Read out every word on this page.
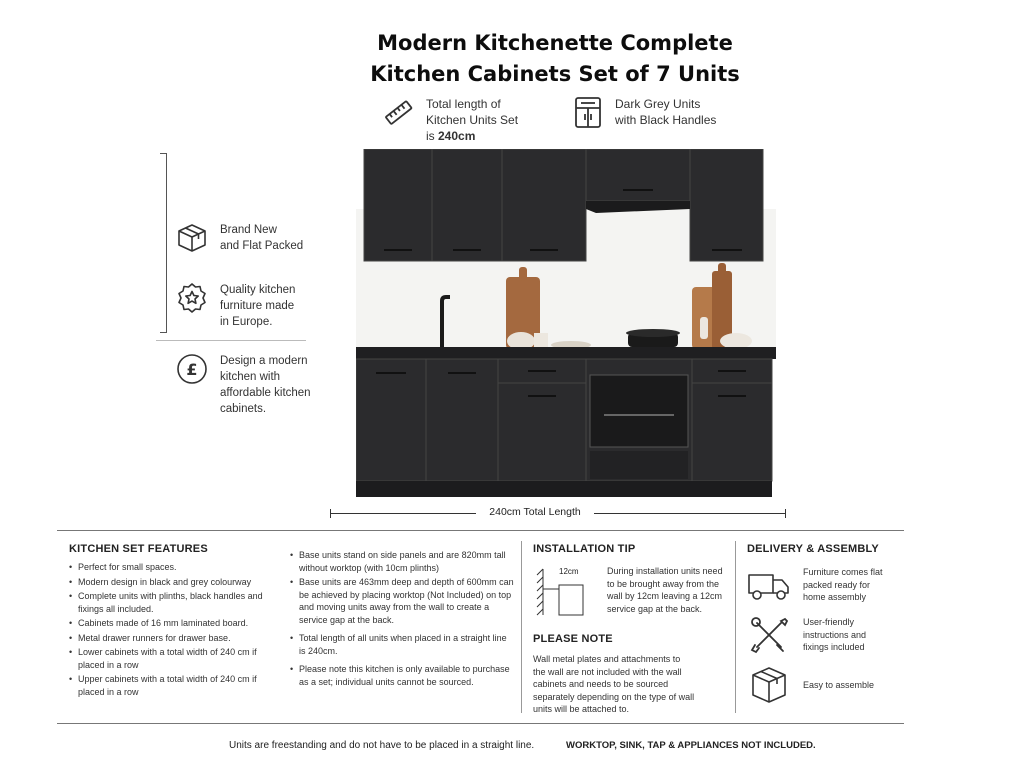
Modern Kitchenette Complete
Kitchen Cabinets Set of 7 Units
Total length of
Kitchen Units Set
is 240cm
Dark Grey Units
with Black Handles
Brand New
and Flat Packed
Quality kitchen
furniture made
in Europe.
£ Design a modern
kitchen with
affordable kitchen
cabinets.
240cm Total Length
KITCHEN SET FEATURES
• Perfect for small spaces.
• Modern design in black and grey colourway
• Complete units with plinths, black handles and fixings all included.
• Cabinets made of 16 mm laminated board.
• Metal drawer runners for drawer base.
• Lower cabinets with a total width of 240 cm if placed in a row
• Upper cabinets with a total width of 240 cm if placed in a row
• Base units stand on side panels and are 820mm tall without worktop (with 10cm plinths)
• Base units are 463mm deep and depth of 600mm can be achieved by placing worktop (Not Included) on top and moving units away from the wall to create a service gap at the back.
• Total length of all units when placed in a straight line is 240cm.
• Please note this kitchen is only available to purchase as a set; individual units cannot be sourced.
INSTALLATION TIP
12cm	During installation units need to be brought away from the wall by 12cm leaving a 12cm service gap at the back.
PLEASE NOTE
Wall metal plates and attachments to the wall are not included with the wall cabinets and needs to be sourced separately depending on the type of wall units will be attached to.
DELIVERY & ASSEMBLY
Furniture comes flat packed ready for home assembly
User-friendly instructions and fixings included
Easy to assemble
Units are freestanding and do not have to be placed in a straight line.	WORKTOP, SINK, TAP & APPLIANCES NOT INCLUDED.
